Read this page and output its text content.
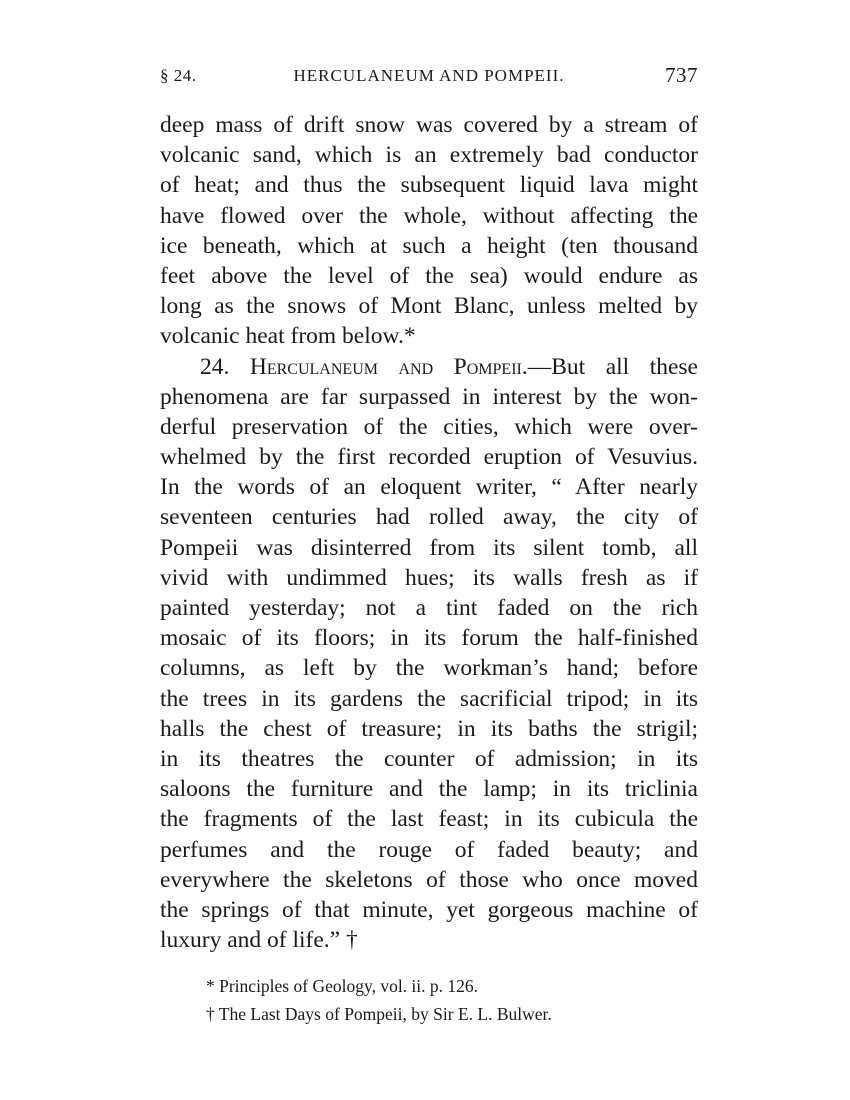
§ 24.	HERCULANEUM AND POMPEII.	737
deep mass of drift snow was covered by a stream of
volcanic sand, which is an extremely bad conductor
of heat; and thus the subsequent liquid lava might
have flowed over the whole, without affecting the
ice beneath, which at such a height (ten thousand
feet above the level of the sea) would endure as
long as the snows of Mont Blanc, unless melted by
volcanic heat from below.*
24. Herculaneum and Pompeii.—But all these
phenomena are far surpassed in interest by the won-
derful preservation of the cities, which were over-
whelmed by the first recorded eruption of Vesuvius.
In the words of an eloquent writer, “ After nearly
seventeen centuries had rolled away, the city of
Pompeii was disinterred from its silent tomb, all
vivid with undimmed hues; its walls fresh as if
painted yesterday; not a tint faded on the rich
mosaic of its floors; in its forum the half-finished
columns, as left by the workman’s hand; before
the trees in its gardens the sacrificial tripod; in its
halls the chest of treasure; in its baths the strigil;
in its theatres the counter of admission; in its
saloons the furniture and the lamp; in its triclinia
the fragments of the last feast; in its cubicula the
perfumes and the rouge of faded beauty; and
everywhere the skeletons of those who once moved
the springs of that minute, yet gorgeous machine of
luxury and of life.” †
* Principles of Geology, vol. ii. p. 126.
† The Last Days of Pompeii, by Sir E. L. Bulwer.
